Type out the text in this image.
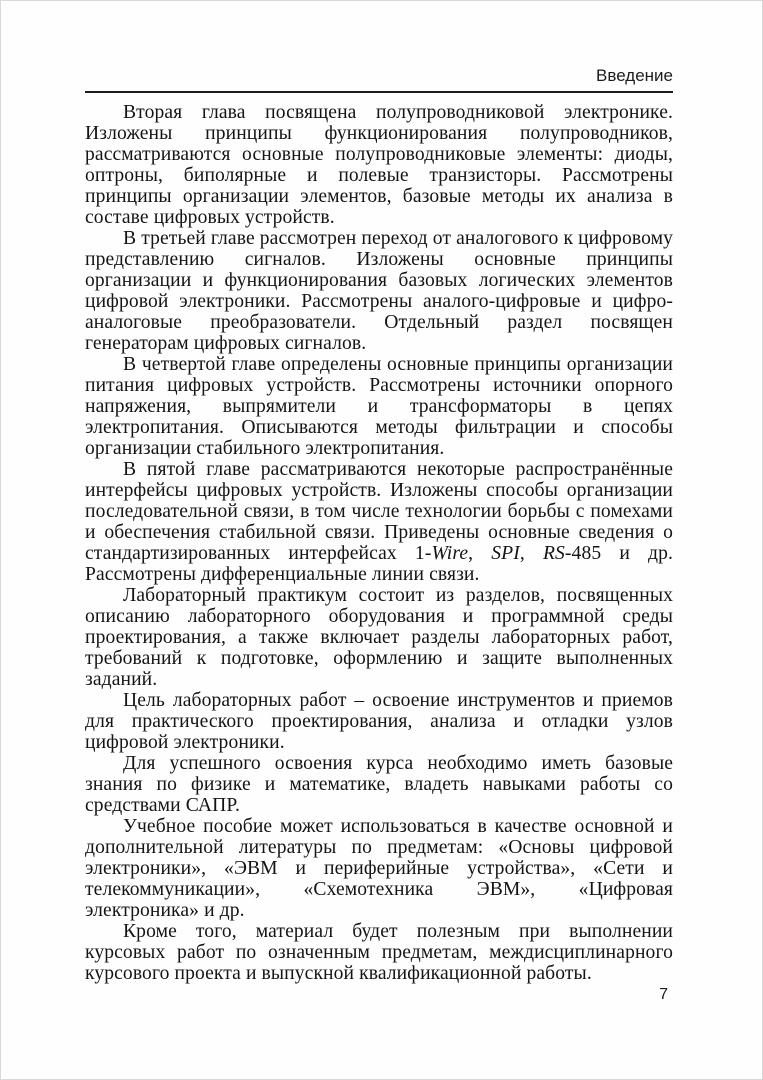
Введение

Вторая глава посвящена полупроводниковой электронике. Изложены принципы функционирования полупроводников, рассматриваются основные полупроводниковые элементы: диоды, оптроны, биполярные и полевые транзисторы. Рассмотрены принципы организации элементов, базовые методы их анализа в составе цифровых устройств.

В третьей главе рассмотрен переход от аналогового к цифровому представлению сигналов. Изложены основные принципы организации и функционирования базовых логических элементов цифровой электроники. Рассмотрены аналого-цифровые и цифро-аналоговые преобразователи. Отдельный раздел посвящен генераторам цифровых сигналов.

В четвертой главе определены основные принципы организации питания цифровых устройств. Рассмотрены источники опорного напряжения, выпрямители и трансформаторы в цепях электропитания. Описываются методы фильтрации и способы организации стабильного электропитания.

В пятой главе рассматриваются некоторые распространённые интерфейсы цифровых устройств. Изложены способы организации последовательной связи, в том числе технологии борьбы с помехами и обеспечения стабильной связи. Приведены основные сведения о стандартизированных интерфейсах 1-Wire, SPI, RS-485 и др. Рассмотрены дифференциальные линии связи.

Лабораторный практикум состоит из разделов, посвященных описанию лабораторного оборудования и программной среды проектирования, а также включает разделы лабораторных работ, требований к подготовке, оформлению и защите выполненных заданий.

Цель лабораторных работ – освоение инструментов и приемов для практического проектирования, анализа и отладки узлов цифровой электроники.

Для успешного освоения курса необходимо иметь базовые знания по физике и математике, владеть навыками работы со средствами САПР.

Учебное пособие может использоваться в качестве основной и дополнительной литературы по предметам: «Основы цифровой электроники», «ЭВМ и периферийные устройства», «Сети и телекоммуникации», «Схемотехника ЭВМ», «Цифровая электроника» и др.

Кроме того, материал будет полезным при выполнении курсовых работ по означенным предметам, междисциплинарного курсового проекта и выпускной квалификационной работы.

7
